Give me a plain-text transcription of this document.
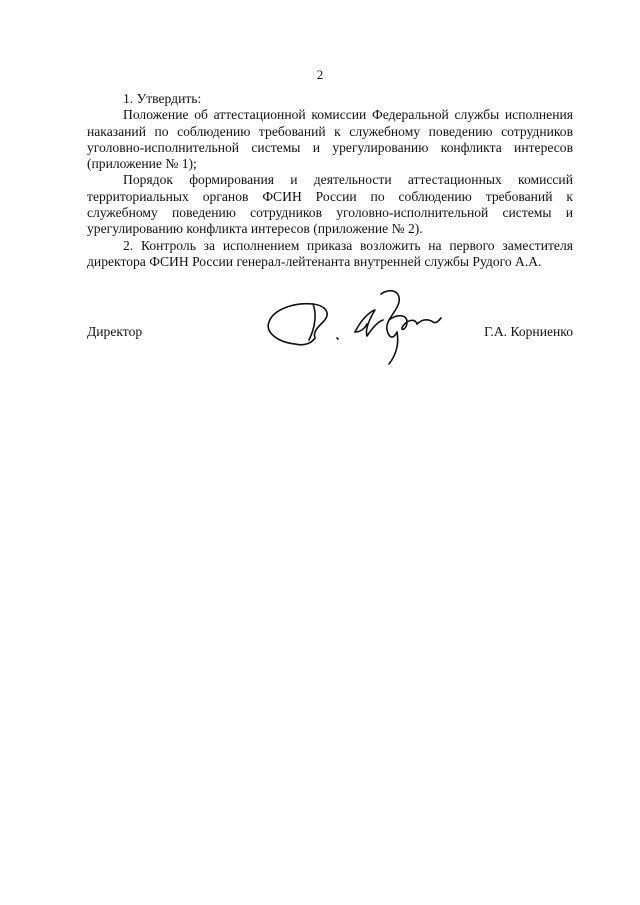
2

1. Утвердить:

Положение об аттестационной комиссии Федеральной службы исполнения наказаний по соблюдению требований к служебному поведению сотрудников уголовно-исполнительной системы и урегулированию конфликта интересов (приложение № 1);

Порядок формирования и деятельности аттестационных комиссий территориальных органов ФСИН России по соблюдению требований к служебному поведению сотрудников уголовно-исполнительной системы и урегулированию конфликта интересов (приложение № 2).

2. Контроль за исполнением приказа возложить на первого заместителя директора ФСИН России генерал-лейтенанта внутренней службы Рудого А.А.

Директор	Г.А. Корниенко
